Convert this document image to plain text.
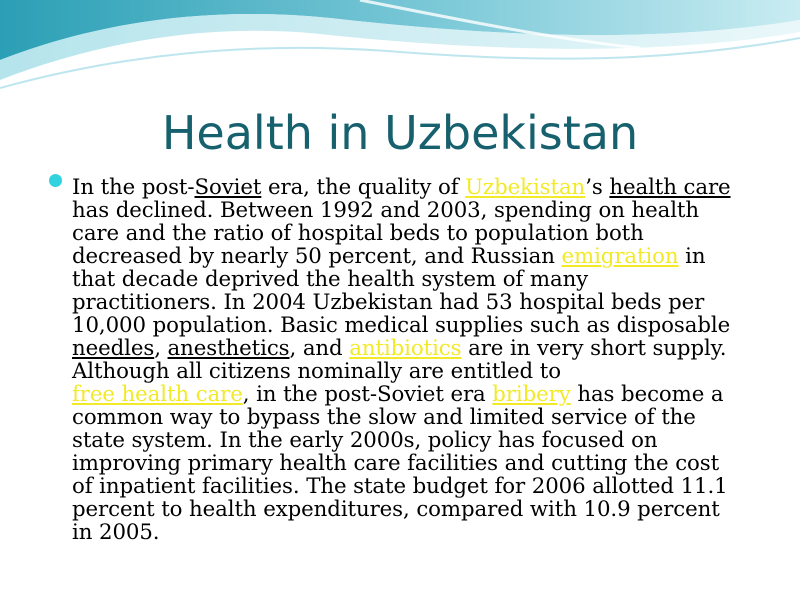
Health in Uzbekistan
In the post-Soviet era, the quality of Uzbekistan’s health care
has declined. Between 1992 and 2003, spending on health
care and the ratio of hospital beds to population both
decreased by nearly 50 percent, and Russian emigration in
that decade deprived the health system of many
practitioners. In 2004 Uzbekistan had 53 hospital beds per
10,000 population. Basic medical supplies such as disposable
needles, anesthetics, and antibiotics are in very short supply.
Although all citizens nominally are entitled to
free health care, in the post-Soviet era bribery has become a
common way to bypass the slow and limited service of the
state system. In the early 2000s, policy has focused on
improving primary health care facilities and cutting the cost
of inpatient facilities. The state budget for 2006 allotted 11.1
percent to health expenditures, compared with 10.9 percent
in 2005.
